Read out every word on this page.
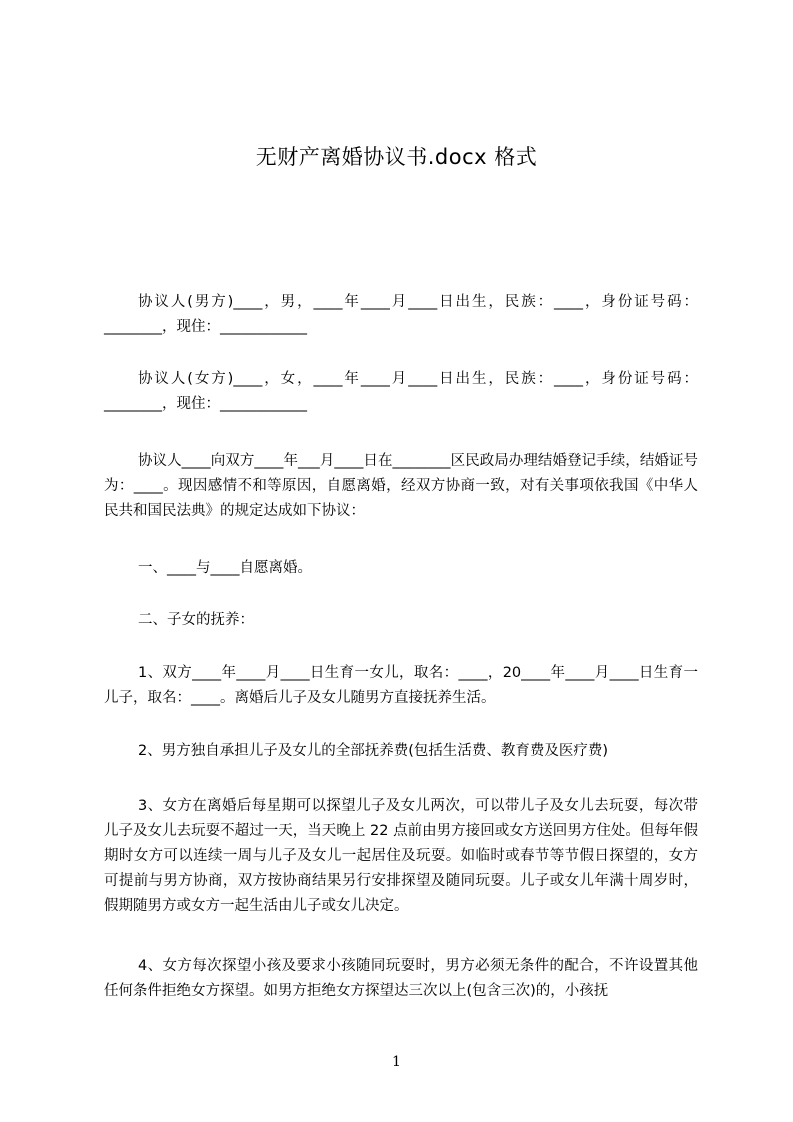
无财产离婚协议书.docx 格式

协议人(男方)____，男，____年____月____日出生，民族：____，身份证号码：________，现住：____________

协议人(女方)____，女，____年____月____日出生，民族：____，身份证号码：________，现住：____________

协议人____向双方____年___月____日在________区民政局办理结婚登记手续，结婚证号为：____。现因感情不和等原因，自愿离婚，经双方协商一致，对有关事项依我国《中华人民共和国民法典》的规定达成如下协议：

一、____与____自愿离婚。

二、子女的抚养：

1、双方____年____月____日生育一女儿，取名：____，20____年____月____日生育一儿子，取名：____。离婚后儿子及女儿随男方直接抚养生活。

2、男方独自承担儿子及女儿的全部抚养费(包括生活费、教育费及医疗费)

3、女方在离婚后每星期可以探望儿子及女儿两次，可以带儿子及女儿去玩耍，每次带儿子及女儿去玩耍不超过一天，当天晚上 22 点前由男方接回或女方送回男方住处。但每年假期时女方可以连续一周与儿子及女儿一起居住及玩耍。如临时或春节等节假日探望的，女方可提前与男方协商，双方按协商结果另行安排探望及随同玩耍。儿子或女儿年满十周岁时，假期随男方或女方一起生活由儿子或女儿决定。

4、女方每次探望小孩及要求小孩随同玩耍时，男方必须无条件的配合，不许设置其他任何条件拒绝女方探望。如男方拒绝女方探望达三次以上(包含三次)的，小孩抚

1
